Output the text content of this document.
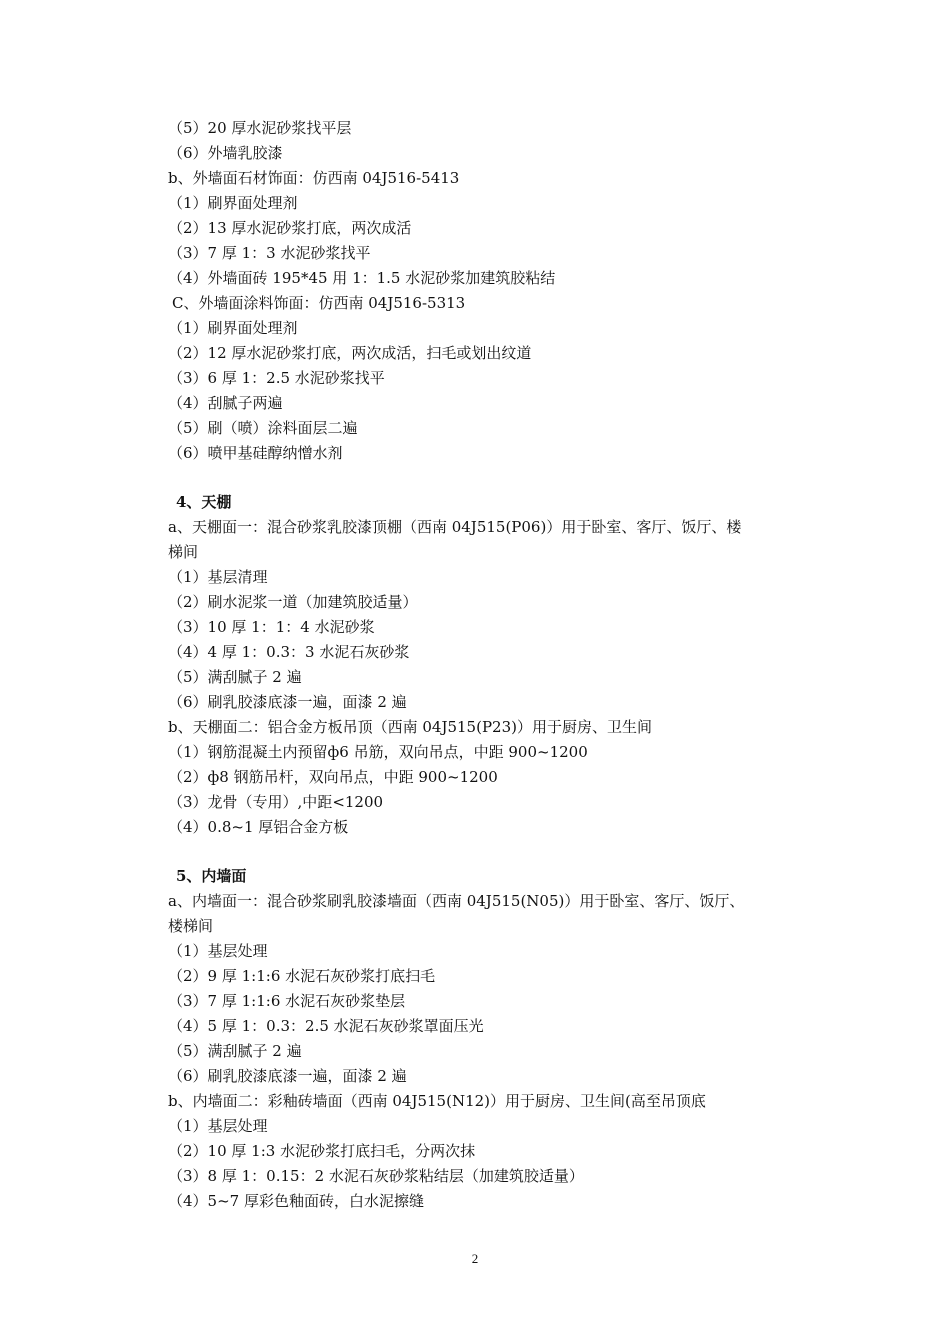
（5）20 厚水泥砂浆找平层
（6）外墙乳胶漆
b、外墙面石材饰面：仿西南 04J516-5413
（1）刷界面处理剂
（2）13 厚水泥砂浆打底，两次成活
（3）7 厚 1：3 水泥砂浆找平
（4）外墙面砖 195*45 用 1：1.5 水泥砂浆加建筑胶粘结
C、外墙面涂料饰面：仿西南 04J516-5313
（1）刷界面处理剂
（2）12 厚水泥砂浆打底，两次成活，扫毛或划出纹道
（3）6 厚 1：2.5 水泥砂浆找平
（4）刮腻子两遍
（5）刷（喷）涂料面层二遍
（6）喷甲基硅醇纳憎水剂
4、天棚
a、天棚面一：混合砂浆乳胶漆顶棚（西南 04J515(P06)）用于卧室、客厅、饭厅、楼
梯间
（1）基层清理
（2）刷水泥浆一道（加建筑胶适量）
（3）10 厚 1：1：4 水泥砂浆
（4）4 厚 1：0.3：3 水泥石灰砂浆
（5）满刮腻子 2 遍
（6）刷乳胶漆底漆一遍，面漆 2 遍
b、天棚面二：铝合金方板吊顶（西南 04J515(P23)）用于厨房、卫生间
（1）钢筋混凝土内预留ф6 吊筋，双向吊点，中距 900~1200
（2）ф8 钢筋吊杆，双向吊点，中距 900~1200
（3）龙骨（专用）,中距<1200
（4）0.8~1 厚铝合金方板
5、内墙面
a、内墙面一：混合砂浆刷乳胶漆墙面（西南 04J515(N05)）用于卧室、客厅、饭厅、
楼梯间
（1）基层处理
（2）9 厚 1:1:6 水泥石灰砂浆打底扫毛
（3）7 厚 1:1:6 水泥石灰砂浆垫层
（4）5 厚 1：0.3：2.5 水泥石灰砂浆罩面压光
（5）满刮腻子 2 遍
（6）刷乳胶漆底漆一遍，面漆 2 遍
b、内墙面二：彩釉砖墙面（西南 04J515(N12)）用于厨房、卫生间(高至吊顶底
（1）基层处理
（2）10 厚 1:3 水泥砂浆打底扫毛，分两次抹
（3）8 厚 1：0.15：2 水泥石灰砂浆粘结层（加建筑胶适量）
（4）5~7 厚彩色釉面砖，白水泥擦缝
2
